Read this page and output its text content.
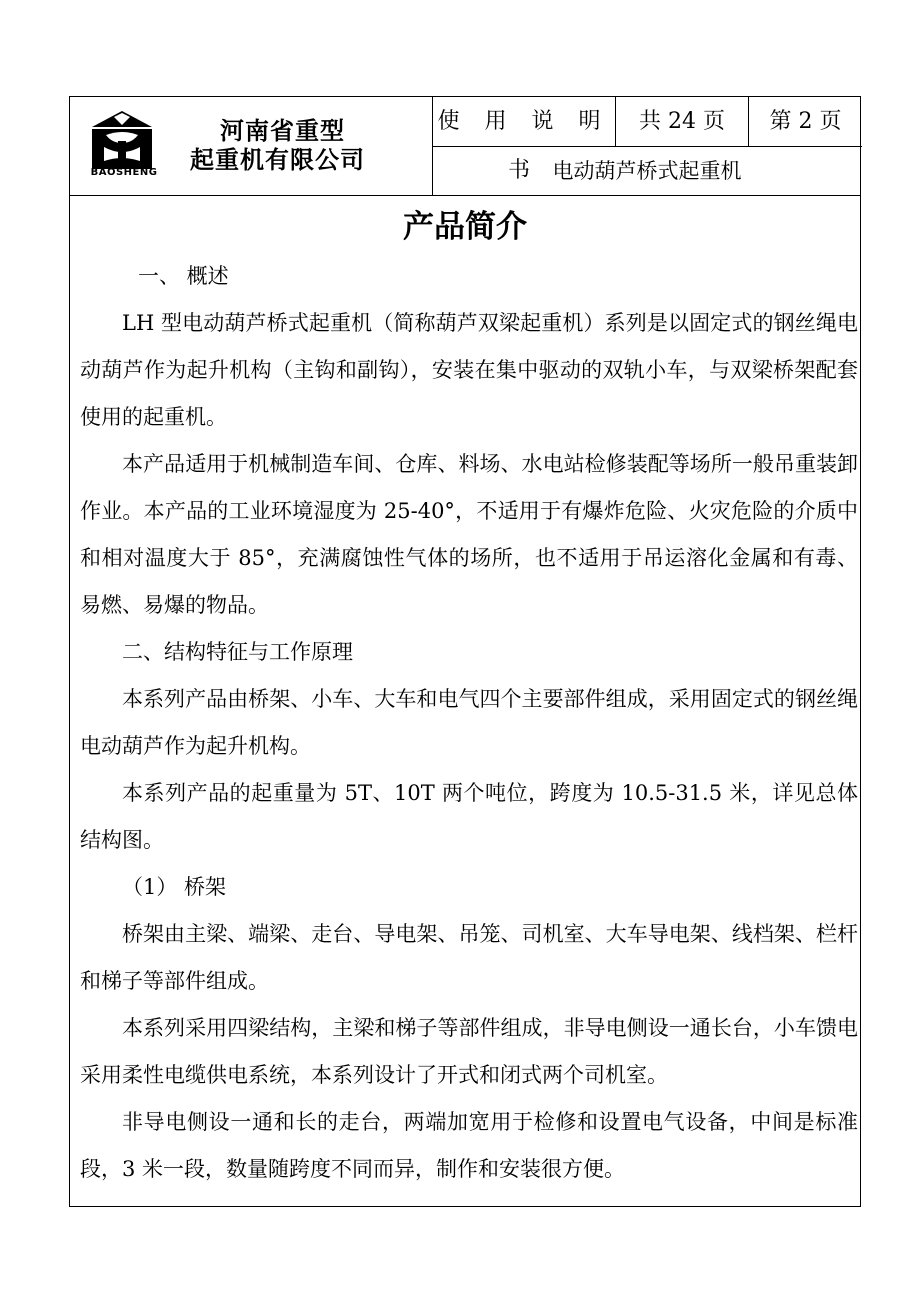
BAOSHENG
河南省重型
起重机有限公司
使 用 说 明 书
共 24 页	第 2 页
电动葫芦桥式起重机
产品简介

一、 概述

LH 型电动葫芦桥式起重机（简称葫芦双梁起重机）系列是以固定式的钢丝绳电动葫芦作为起升机构（主钩和副钩），安装在集中驱动的双轨小车，与双梁桥架配套使用的起重机。

本产品适用于机械制造车间、仓库、料场、水电站检修装配等场所一般吊重装卸作业。本产品的工业环境湿度为 25-40°，不适用于有爆炸危险、火灾危险的介质中和相对温度大于 85°，充满腐蚀性气体的场所，也不适用于吊运溶化金属和有毒、易燃、易爆的物品。

二、结构特征与工作原理

本系列产品由桥架、小车、大车和电气四个主要部件组成，采用固定式的钢丝绳电动葫芦作为起升机构。

本系列产品的起重量为 5T、10T 两个吨位，跨度为 10.5-31.5 米，详见总体结构图。

（1） 桥架

桥架由主梁、端梁、走台、导电架、吊笼、司机室、大车导电架、线档架、栏杆和梯子等部件组成。

本系列采用四梁结构，主梁和梯子等部件组成，非导电侧设一通长台，小车馈电采用柔性电缆供电系统，本系列设计了开式和闭式两个司机室。

非导电侧设一通和长的走台，两端加宽用于检修和设置电气设备，中间是标准段，3 米一段，数量随跨度不同而异，制作和安装很方便。
